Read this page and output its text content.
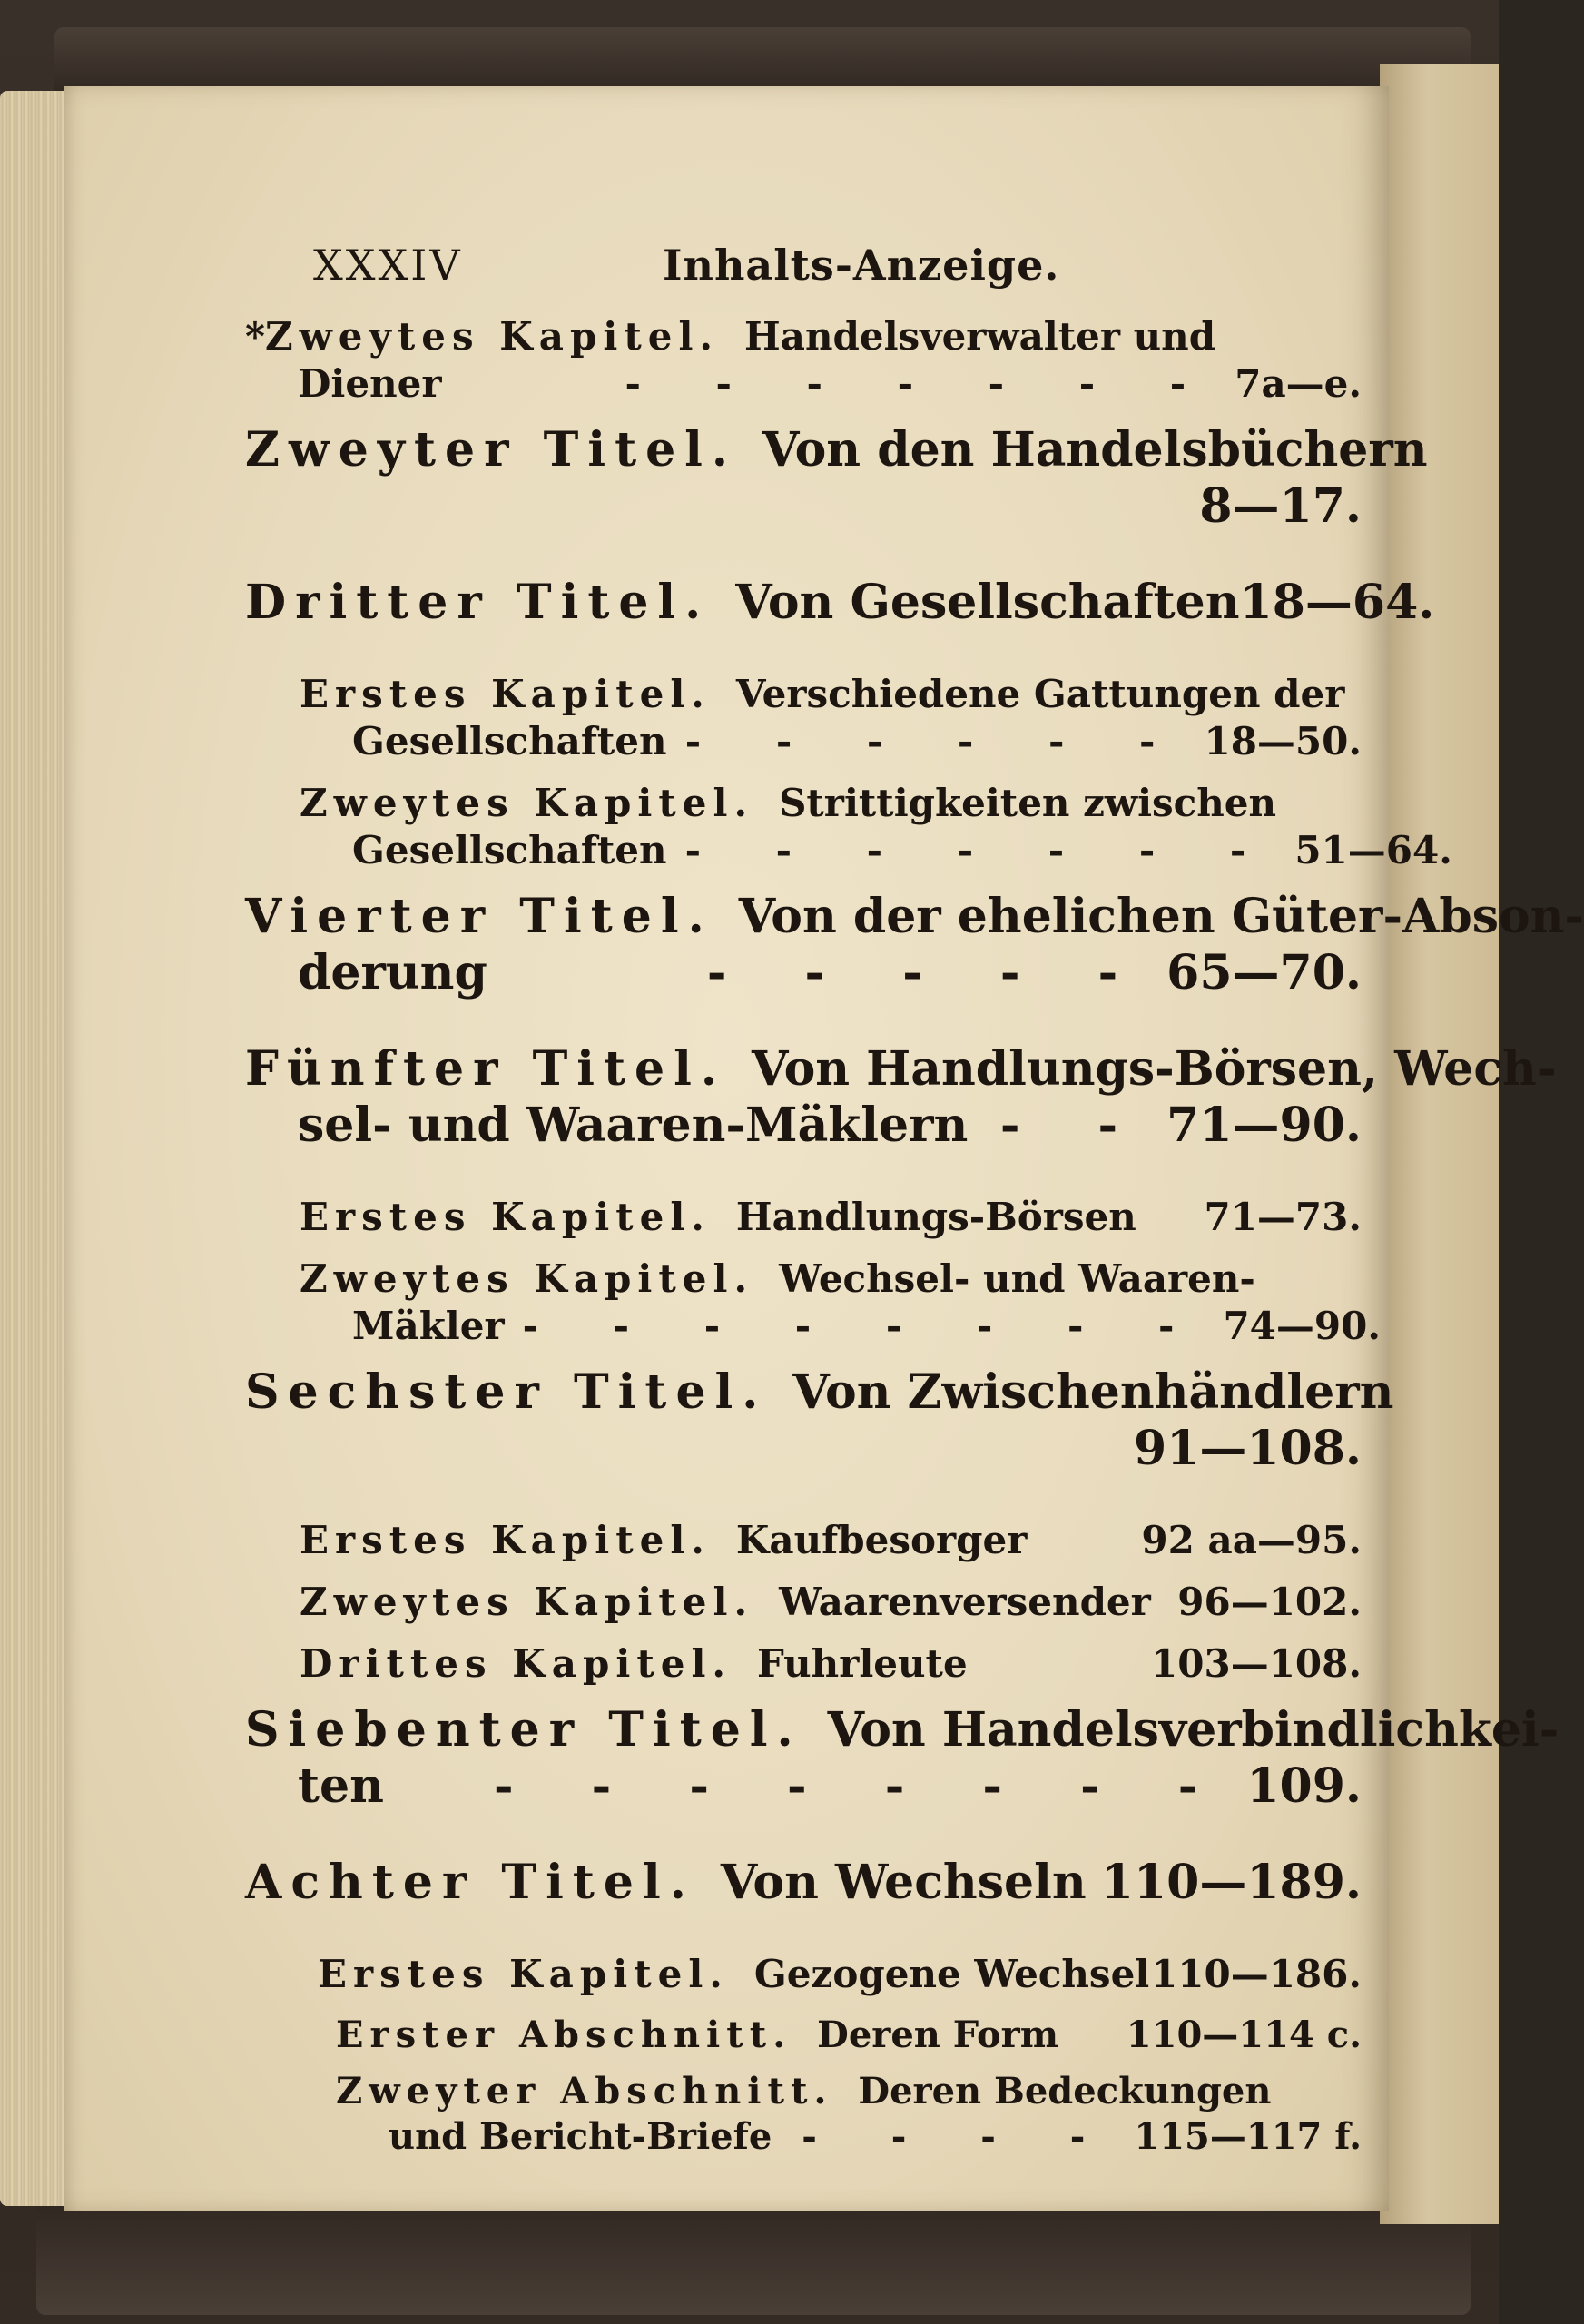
XXXIV	Inhalts-Anzeige.
* Zweytes Kapitel. Handelsverwalter und
Diener	- - - - - - - 7a—e.
Zweyter Titel. Von den Handelsbüchern
8—17.
Dritter Titel. Von Gesellschaften 18—64.
Erstes Kapitel. Verschiedene Gattungen der
Gesellschaften - - - - - - 18—50.
Zweytes Kapitel. Strittigkeiten zwischen
Gesellschaften - - - - - - - 51—64.
Vierter Titel. Von der ehelichen Güter-Abson-
derung	- - - - - 65—70.
Fünfter Titel. Von Handlungs-Börsen, Wech-
sel- und Waaren-Mäklern - - 71—90.
Erstes Kapitel. Handlungs-Börsen 71—73.
Zweytes Kapitel. Wechsel- und Waaren-
Mäkler - - - - - - - - 74—90.
Sechster Titel. Von Zwischenhändlern
91—108.
Erstes Kapitel. Kaufbesorger	92 aa—95.
Zweytes Kapitel. Waarenversender 96—102.
Drittes Kapitel. Fuhrleute	103—108.
Siebenter Titel. Von Handelsverbindlichkei-
ten - - - - - - - - 109.
Achter Titel. Von Wechseln 110—189.
Erstes Kapitel. Gezogene Wechsel 110—186.
Erster Abschnitt. Deren Form 110—114 c.
Zweyter Abschnitt. Deren Bedeckungen
und Bericht-Briefe - - - - 115—117 f.
